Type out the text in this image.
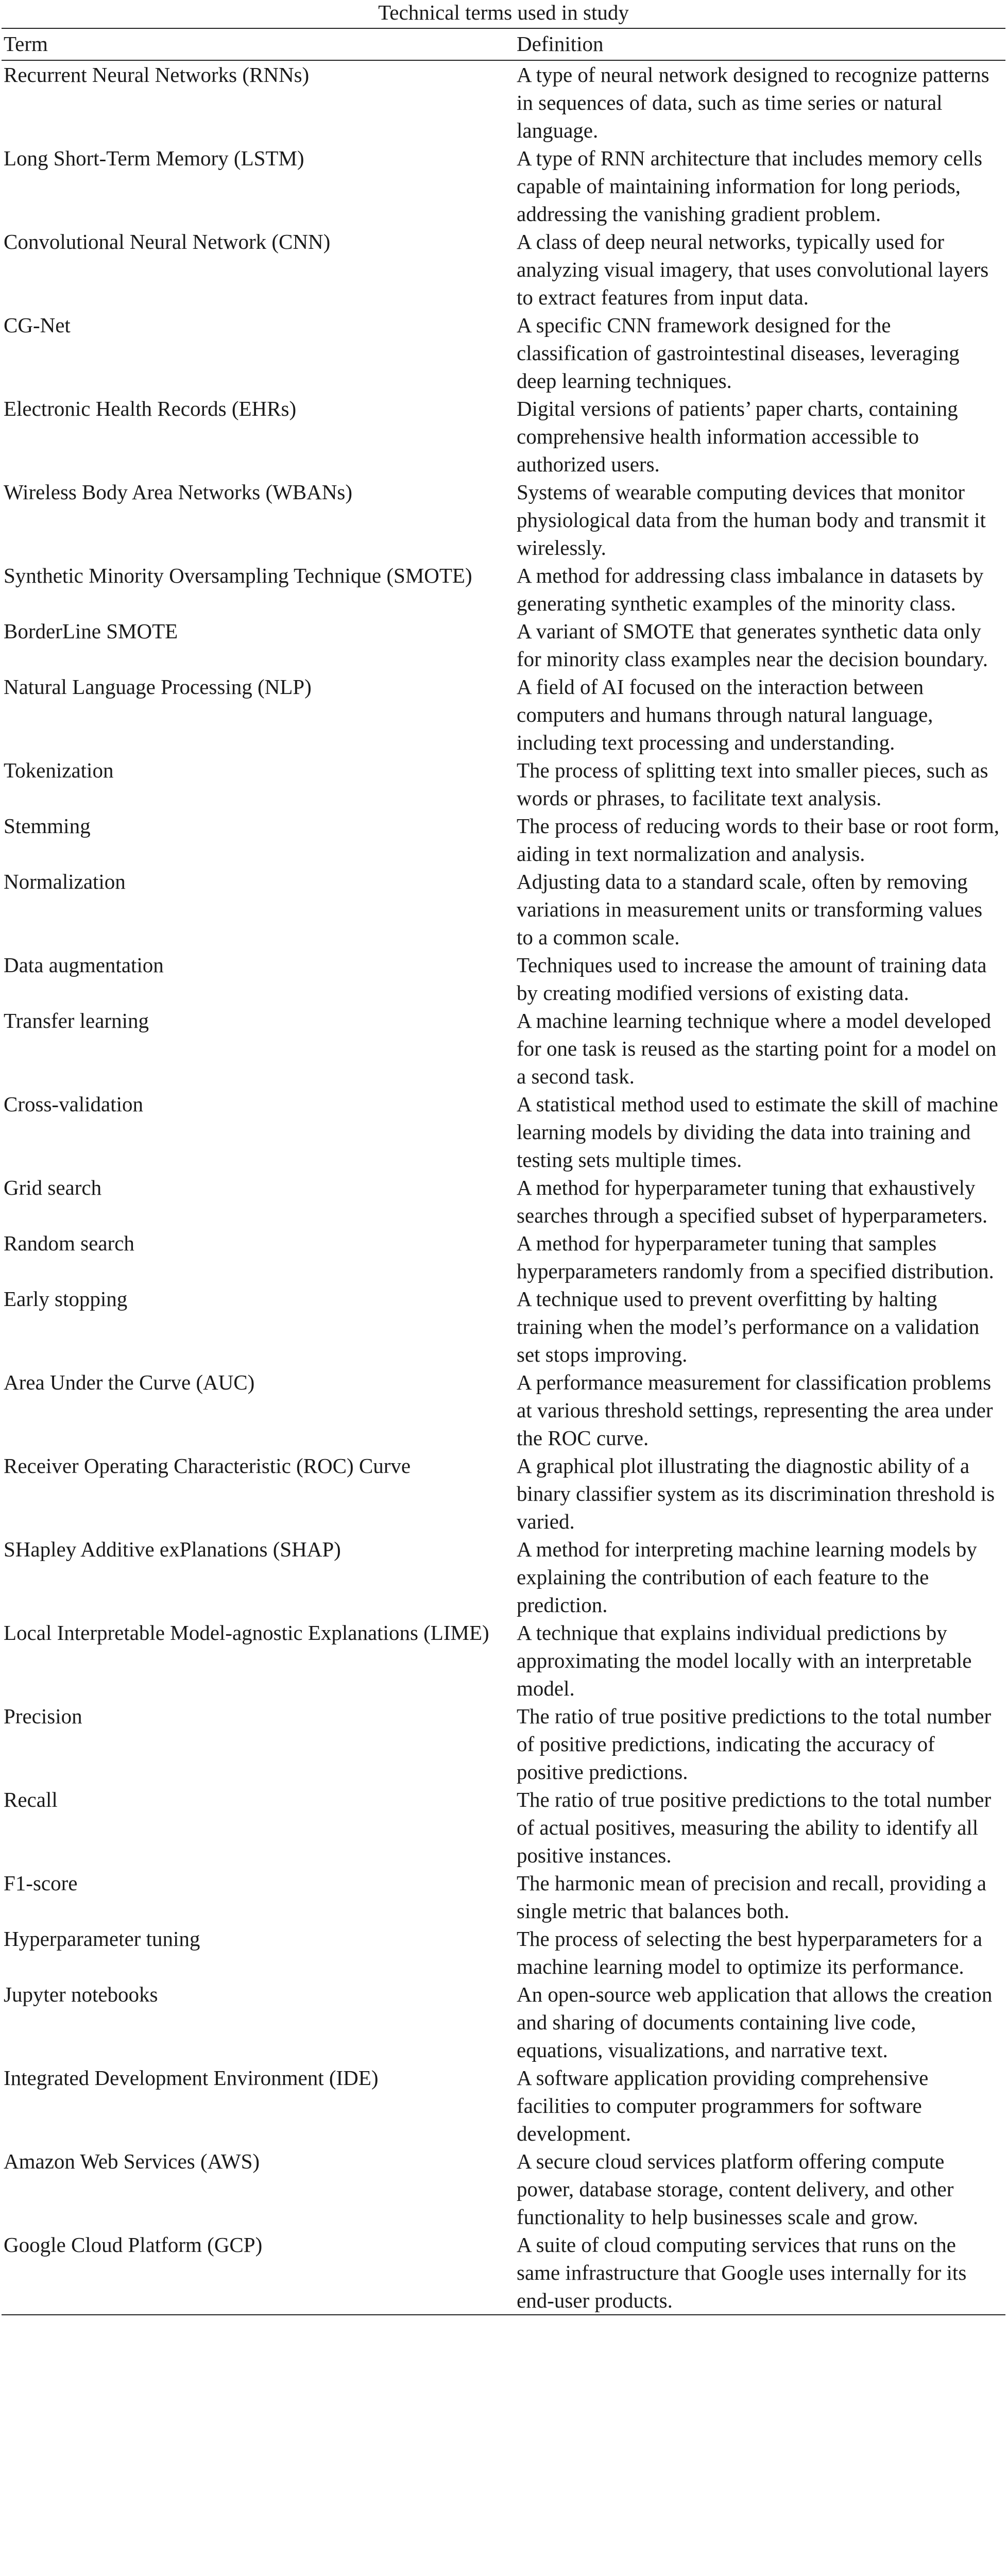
Technical terms used in study
Term	Definition
Recurrent Neural Networks (RNNs)	A type of neural network designed to recognize patterns in sequences of data, such as time series or natural language.
Long Short-Term Memory (LSTM)	A type of RNN architecture that includes memory cells capable of maintaining information for long periods, addressing the vanishing gradient problem.
Convolutional Neural Network (CNN)	A class of deep neural networks, typically used for analyzing visual imagery, that uses convolutional layers to extract features from input data.
CG-Net	A specific CNN framework designed for the classification of gastrointestinal diseases, leveraging deep learning techniques.
Electronic Health Records (EHRs)	Digital versions of patients’ paper charts, containing comprehensive health information accessible to authorized users.
Wireless Body Area Networks (WBANs)	Systems of wearable computing devices that monitor physiological data from the human body and transmit it wirelessly.
Synthetic Minority Oversampling Technique (SMOTE)	A method for addressing class imbalance in datasets by generating synthetic examples of the minority class.
BorderLine SMOTE	A variant of SMOTE that generates synthetic data only for minority class examples near the decision boundary.
Natural Language Processing (NLP)	A field of AI focused on the interaction between computers and humans through natural language, including text processing and understanding.
Tokenization	The process of splitting text into smaller pieces, such as words or phrases, to facilitate text analysis.
Stemming	The process of reducing words to their base or root form, aiding in text normalization and analysis.
Normalization	Adjusting data to a standard scale, often by removing variations in measurement units or transforming values to a common scale.
Data augmentation	Techniques used to increase the amount of training data by creating modified versions of existing data.
Transfer learning	A machine learning technique where a model developed for one task is reused as the starting point for a model on a second task.
Cross-validation	A statistical method used to estimate the skill of machine learning models by dividing the data into training and testing sets multiple times.
Grid search	A method for hyperparameter tuning that exhaustively searches through a specified subset of hyperparameters.
Random search	A method for hyperparameter tuning that samples hyperparameters randomly from a specified distribution.
Early stopping	A technique used to prevent overfitting by halting training when the model’s performance on a validation set stops improving.
Area Under the Curve (AUC)	A performance measurement for classification problems at various threshold settings, representing the area under the ROC curve.
Receiver Operating Characteristic (ROC) Curve	A graphical plot illustrating the diagnostic ability of a binary classifier system as its discrimination threshold is varied.
SHapley Additive exPlanations (SHAP)	A method for interpreting machine learning models by explaining the contribution of each feature to the prediction.
Local Interpretable Model-agnostic Explanations (LIME)	A technique that explains individual predictions by approximating the model locally with an interpretable model.
Precision	The ratio of true positive predictions to the total number of positive predictions, indicating the accuracy of positive predictions.
Recall	The ratio of true positive predictions to the total number of actual positives, measuring the ability to identify all positive instances.
F1-score	The harmonic mean of precision and recall, providing a single metric that balances both.
Hyperparameter tuning	The process of selecting the best hyperparameters for a machine learning model to optimize its performance.
Jupyter notebooks	An open-source web application that allows the creation and sharing of documents containing live code, equations, visualizations, and narrative text.
Integrated Development Environment (IDE)	A software application providing comprehensive facilities to computer programmers for software development.
Amazon Web Services (AWS)	A secure cloud services platform offering compute power, database storage, content delivery, and other functionality to help businesses scale and grow.
Google Cloud Platform (GCP)	A suite of cloud computing services that runs on the same infrastructure that Google uses internally for its end-user products.
